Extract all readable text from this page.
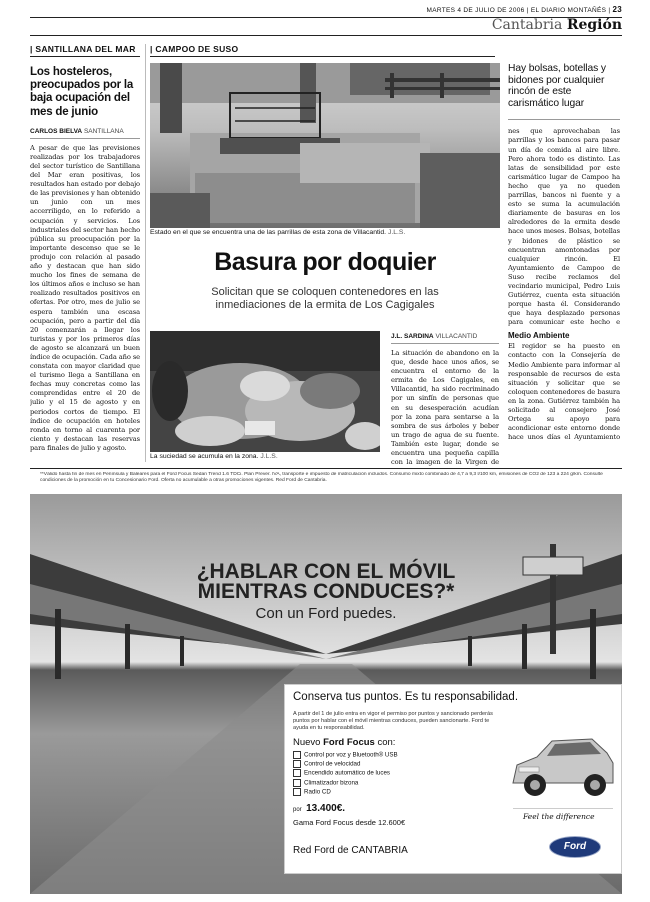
MARTES 4 DE JULIO DE 2006 | EL DIARIO MONTAÑÉS | 23
Cantabria Región
| SANTILLANA DEL MAR
Los hosteleros, preocupados por la baja ocupación del mes de junio
CARLOS BIELVA SANTILLANA
A pesar de que las previsiones realizadas por los trabajadores del sector turístico de Santillana del Mar eran positivas, los resultados han estado por debajo de las previsiones y han obtenido un junio con un mes accerriligdo, en lo referido a ocupación y servicios. Los industriales del sector han hecho pública su preocupación por la importante descenso que se le produjo con relación al pasado año y destacan que han sido mucho los fines de semana de los últimos años e incluso se han realizado resultados positivos en ofertas. Por otro, mes de julio se espera también una escasa ocupación, pero a partir del día 20 comenzarán a llegar los turistas y por los primeros días de agosto se alcanzará un buen índice de ocupación. Cada año se constata con mayor claridad que el turismo llega a Santillana en fechas muy concretas como las comprendidas entre el 20 de julio y el 15 de agosto y en periodos cortos de tiempo. El índice de ocupación en hoteles ronda en torno al cuarenta por ciento y destacan las reservas para finales de julio y agosto.
| CAMPOO DE SUSO
Estado en el que se encuentra una de las parrillas de esta zona de Villacantid. J.L.S.
Basura por doquier
Solicitan que se coloquen contenedores en las inmediaciones de la ermita de Los Cagigales
La suciedad se acumula en la zona. J.L.S.
J.L. SARDINA VILLACANTID
La situación de abandono en la que, desde hace unos años, se encuentra el entorno de la ermita de Los Cagigales, en Villacantid, ha sido recriminado por un sinfín de personas que en su desesperación acudían por la zona para sentarse a la sombra de sus árboles y beber un trago de agua de su fuente. También este lugar, donde se encuentra una pequeña capilla con la imagen de la Virgen de
Hay bolsas, botellas y bidones por cualquier rincón de este carismático lugar
nes que aprovechaban las parrillas y los bancos para pasar un día de comida al aire libre. Pero ahora todo es distinto. Las latas de sensibilidad por este carismático lugar de Campoo ha hecho que ya no queden parrillas, bancos ni fuente y a esto se suma la acumulación diariamente de basuras en los alrededores de la ermita desde hace unos meses. Bolsas, botellas y bidones de plástico se encuentran amontonadas por cualquier rincón. El Ayuntamiento de Campoo de Suso recibe reclamos del vecindario municipal, Pedro Luis Gutiérrez, cuenta esta situación porque hasta él. Considerando que haya desplazado personas para comunicar este hecho e
Medio Ambiente
El regidor se ha puesto en contacto con la Consejería de Medio Ambiente para informar al responsable de recursos de esta situación y solicitar que se coloquen contenedores de basura en la zona. Gutiérrez también ha solicitado al consejero José Ortega su apoyo para acondicionar este entorno donde hace unos días el Ayuntamiento
**Válido hasta fin de mes en Península y Baleares para el Ford Focus Sedan Trend 1.6 TDCi. Plan Prever. IVA, transporte e impuesto de matriculación incluidos. Consumo mixto combinado de 4,7 a 9,3 l/100 km, emisiones de CO2 de 123 a 224 g/km. Consulte condiciones de la promoción en tu Concesionario Ford. Oferta no acumulable a otras promociones vigentes. Red Ford de Cantabria.
¿HABLAR CON EL MÓVIL
MIENTRAS CONDUCES?*
Con un Ford puedes.
Conserva tus puntos. Es tu responsabilidad.
A partir del 1 de julio entra en vigor el permiso por puntos y sancionado perderás puntos por hablar con el móvil mientras conduces, pueden sancionarte. Ford te ayuda en tu responsabilidad.
Nuevo Ford Focus con:
Control por voz y Bluetooth® USB
Control de velocidad
Encendido automático de luces
Climatizador bizona
Radio CD
por 13.400€.
Gama Ford Focus desde 12.600€
Red Ford de CANTABRIA
Feel the difference
Ford
